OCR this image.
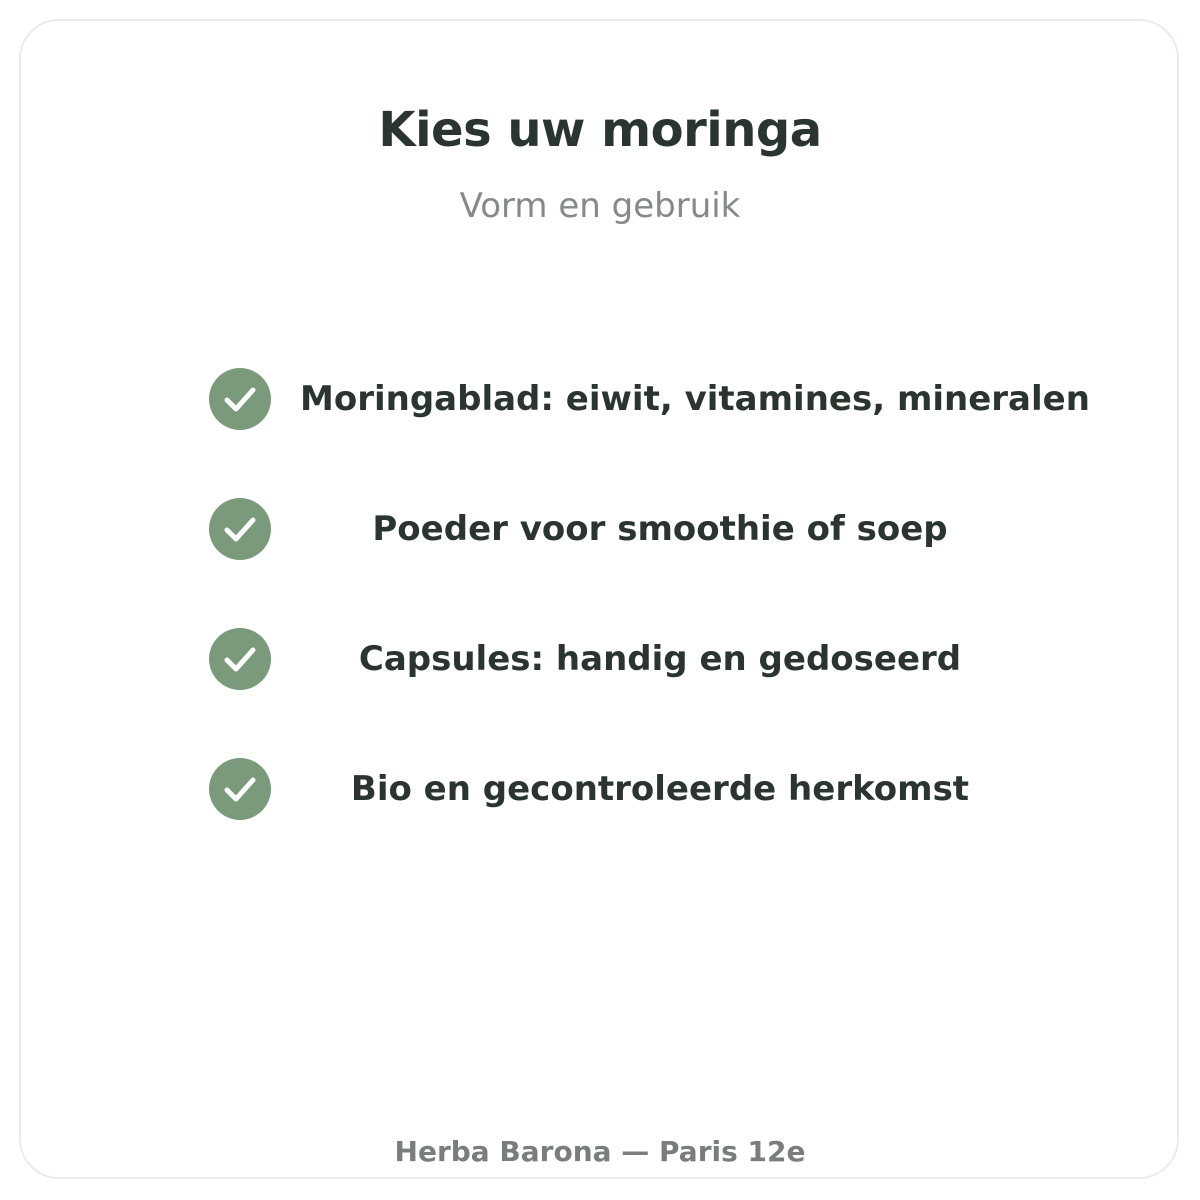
Kies uw moringa
Vorm en gebruik
Moringablad: eiwit, vitamines, mineralen
Poeder voor smoothie of soep
Capsules: handig en gedoseerd
Bio en gecontroleerde herkomst
Herba Barona — Paris 12e
